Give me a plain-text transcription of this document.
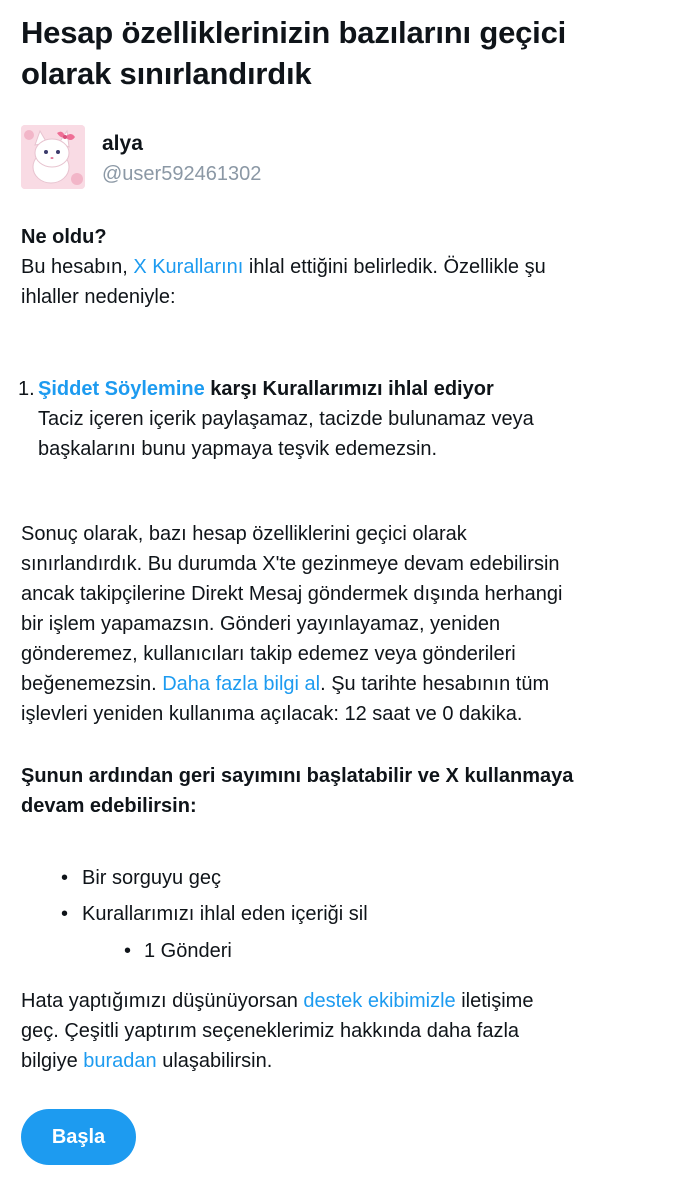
Hesap özelliklerinizin bazılarını geçici
olarak sınırlandırdık
alya
@user592461302

Ne oldu?

Bu hesabın, X Kurallarını ihlal ettiğini belirledik. Özellikle şu
ihlaller nedeniyle:

1. Şiddet Söylemine karşı Kurallarımızı ihlal ediyor

Taciz içeren içerik paylaşamaz, tacizde bulunamaz veya
başkalarını bunu yapmaya teşvik edemezsin.

Sonuç olarak, bazı hesap özelliklerini geçici olarak
sınırlandırdık. Bu durumda X'te gezinmeye devam edebilirsin
ancak takipçilerine Direkt Mesaj göndermek dışında herhangi
bir işlem yapamazsın. Gönderi yayınlayamaz, yeniden
gönderemez, kullanıcıları takip edemez veya gönderileri
beğenemezsin. Daha fazla bilgi al. Şu tarihte hesabının tüm
işlevleri yeniden kullanıma açılacak: 12 saat ve 0 dakika.

Şunun ardından geri sayımını başlatabilir ve X kullanmaya
devam edebilirsin:

• Bir sorguyu geç
• Kurallarımızı ihlal eden içeriği sil
• 1 Gönderi

Hata yaptığımızı düşünüyorsan destek ekibimizle iletişime
geç. Çeşitli yaptırım seçeneklerimiz hakkında daha fazla
bilgiye buradan ulaşabilirsin.

Başla
